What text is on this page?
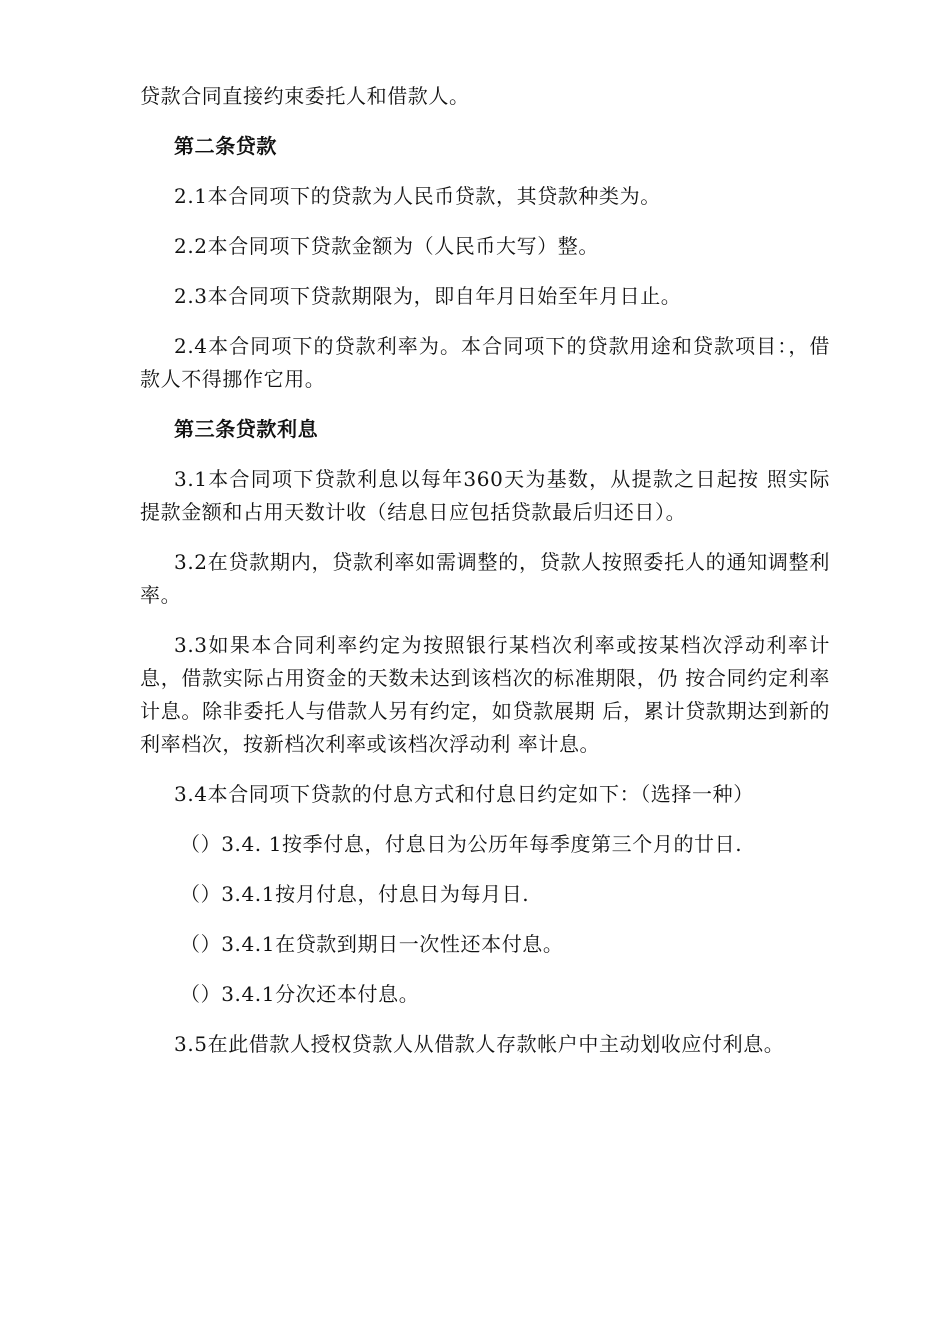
贷款合同直接约束委托人和借款人。

第二条贷款

2.1本合同项下的贷款为人民币贷款，其贷款种类为。

2.2本合同项下贷款金额为（人民币大写）整。

2.3本合同项下贷款期限为，即自年月日始至年月日止。

2.4本合同项下的贷款利率为。本合同项下的贷款用途和贷款项目：，借款人不得挪作它用。

第三条贷款利息

3.1本合同项下贷款利息以每年360天为基数，从提款之日起按 照实际提款金额和占用天数计收（结息日应包括贷款最后归还日）。

3.2在贷款期内，贷款利率如需调整的，贷款人按照委托人的通知调整利率。

3.3如果本合同利率约定为按照银行某档次利率或按某档次浮动利率计息，借款实际占用资金的天数未达到该档次的标准期限，仍 按合同约定利率计息。除非委托人与借款人另有约定，如贷款展期 后，累计贷款期达到新的利率档次，按新档次利率或该档次浮动利 率计息。

3.4本合同项下贷款的付息方式和付息日约定如下：（选择一种）

（）3.4. 1按季付息，付息日为公历年每季度第三个月的廿日.

（）3.4.1按月付息，付息日为每月日.

（）3.4.1在贷款到期日一次性还本付息。

（）3.4.1分次还本付息。

3.5在此借款人授权贷款人从借款人存款帐户中主动划收应付利息。
